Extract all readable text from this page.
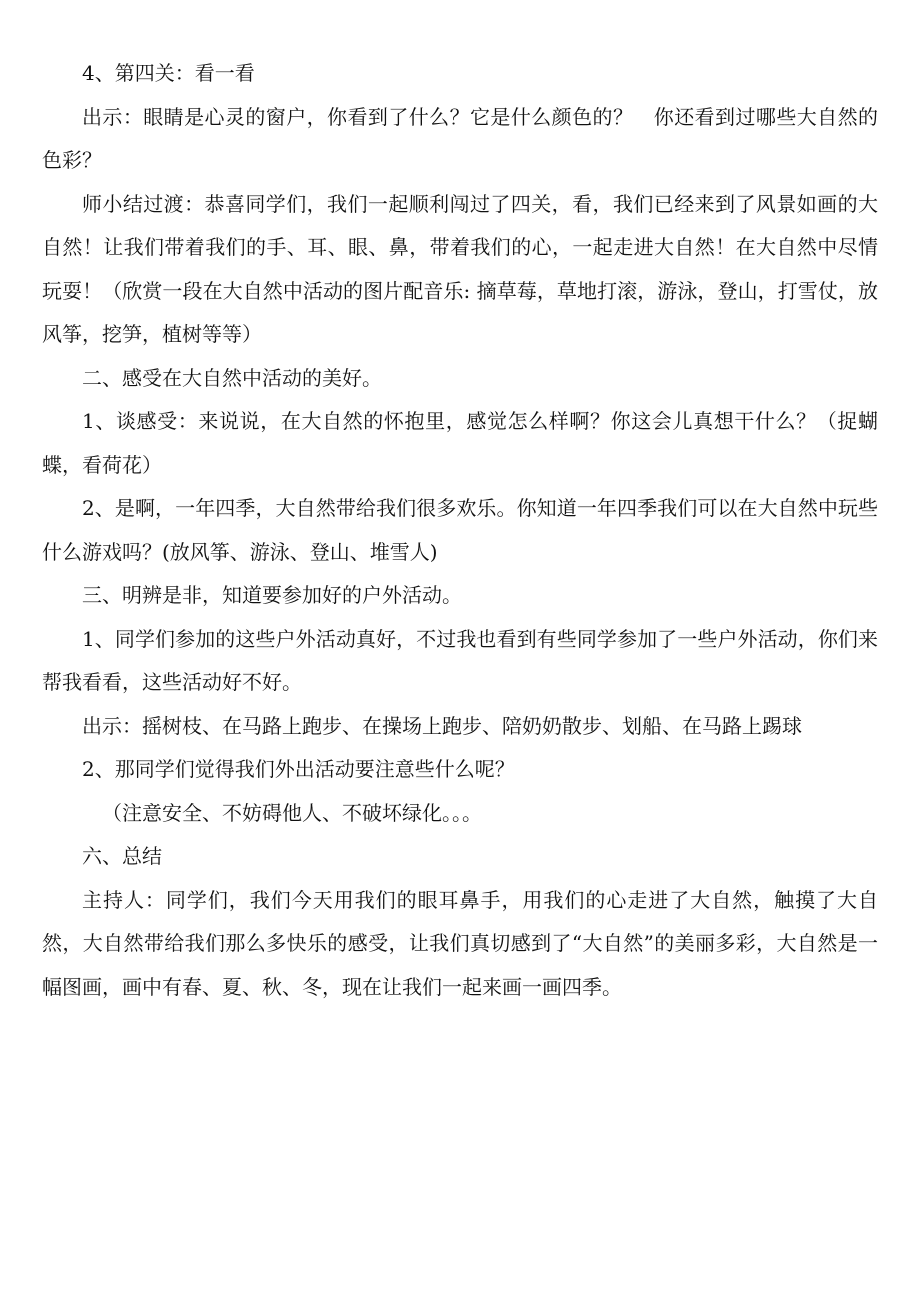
4、第四关：看一看

出示：眼睛是心灵的窗户，你看到了什么？它是什么颜色的？　你还看到过哪些大自然的色彩？

师小结过渡：恭喜同学们，我们一起顺利闯过了四关，看，我们已经来到了风景如画的大自然！让我们带着我们的手、耳、眼、鼻，带着我们的心，一起走进大自然！在大自然中尽情玩耍！（欣赏一段在大自然中活动的图片配音乐: 摘草莓，草地打滚，游泳，登山，打雪仗，放风筝，挖笋，植树等等）

二、感受在大自然中活动的美好。

1、谈感受：来说说，在大自然的怀抱里，感觉怎么样啊？你这会儿真想干什么？（捉蝴蝶，看荷花）

2、是啊，一年四季，大自然带给我们很多欢乐。你知道一年四季我们可以在大自然中玩些什么游戏吗？(放风筝、游泳、登山、堆雪人)

三、明辨是非，知道要参加好的户外活动。

1、同学们参加的这些户外活动真好，不过我也看到有些同学参加了一些户外活动，你们来帮我看看，这些活动好不好。

出示：摇树枝、在马路上跑步、在操场上跑步、陪奶奶散步、划船、在马路上踢球

2、那同学们觉得我们外出活动要注意些什么呢？

（注意安全、不妨碍他人、不破坏绿化。。。

六、总结

主持人：同学们，我们今天用我们的眼耳鼻手，用我们的心走进了大自然，触摸了大自然，大自然带给我们那么多快乐的感受，让我们真切感到了“大自然”的美丽多彩，大自然是一幅图画，画中有春、夏、秋、冬，现在让我们一起来画一画四季。
